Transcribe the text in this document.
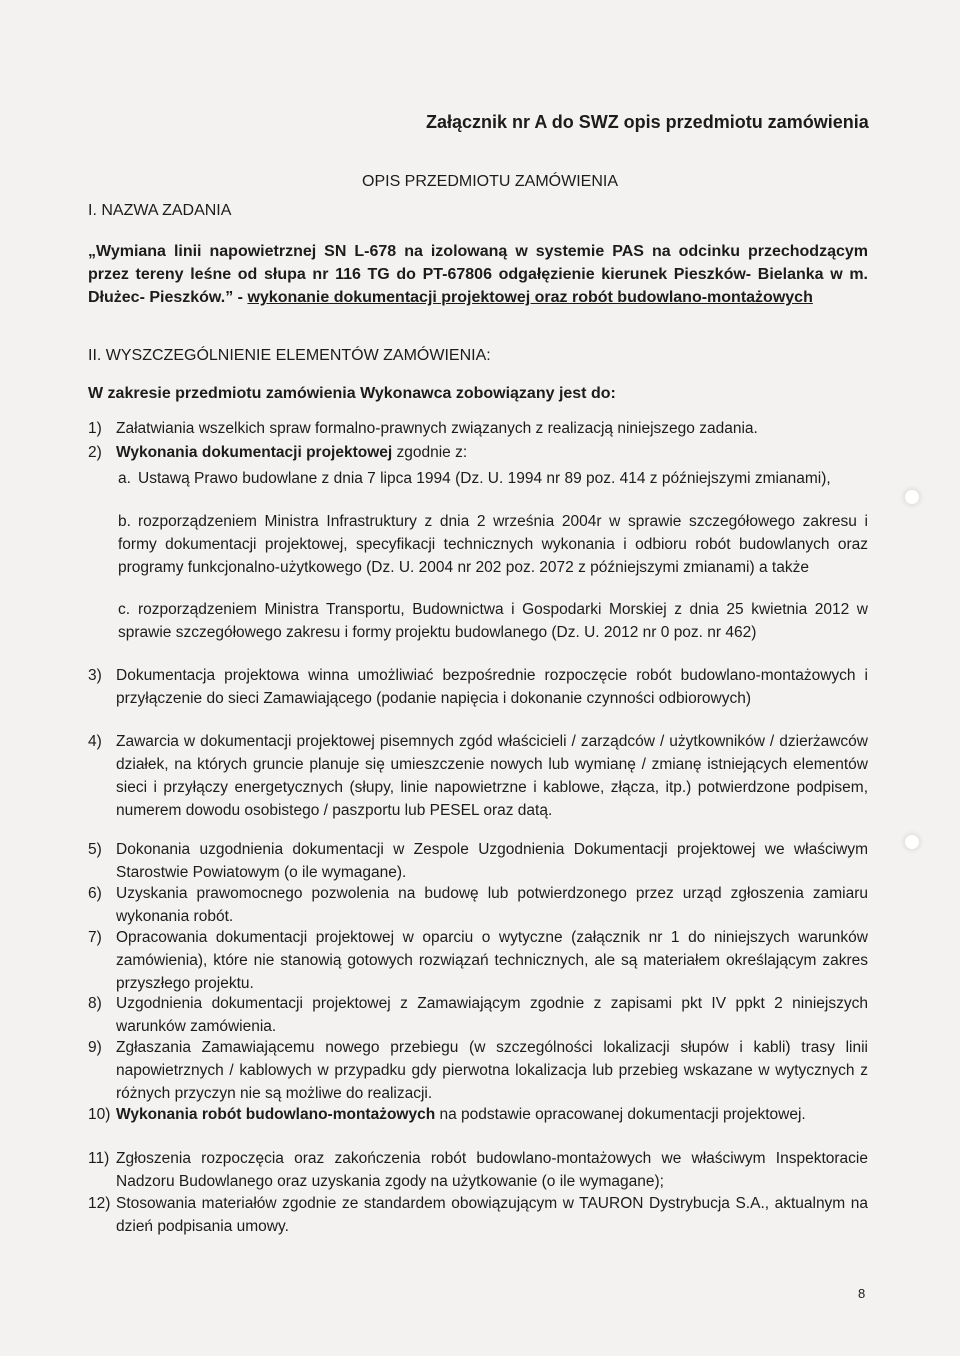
Załącznik nr A do SWZ opis przedmiotu zamówienia
OPIS PRZEDMIOTU ZAMÓWIENIA
I. NAZWA ZADANIA
„Wymiana linii napowietrznej SN L-678 na izolowaną w systemie PAS na odcinku przechodzącym przez tereny leśne od słupa nr 116 TG do PT-67806 odgałęzienie kierunek Pieszków- Bielanka w m. Dłużec- Pieszków.” - wykonanie dokumentacji projektowej oraz robót budowlano-montażowych
II. WYSZCZEGÓLNIENIE ELEMENTÓW ZAMÓWIENIA:
W zakresie przedmiotu zamówienia Wykonawca zobowiązany jest do:
1) Załatwiania wszelkich spraw formalno-prawnych związanych z realizacją niniejszego zadania.
2) Wykonania dokumentacji projektowej zgodnie z:
a. Ustawą Prawo budowlane z dnia 7 lipca 1994 (Dz. U. 1994 nr 89 poz. 414 z późniejszymi zmianami),
b. rozporządzeniem Ministra Infrastruktury z dnia 2 września 2004r w sprawie szczegółowego zakresu i formy dokumentacji projektowej, specyfikacji technicznych wykonania i odbioru robót budowlanych oraz programy funkcjonalno-użytkowego (Dz. U. 2004 nr 202 poz. 2072 z późniejszymi zmianami) a także
c. rozporządzeniem Ministra Transportu, Budownictwa i Gospodarki Morskiej z dnia 25 kwietnia 2012 w sprawie szczegółowego zakresu i formy projektu budowlanego (Dz. U. 2012 nr 0 poz. nr 462)
3) Dokumentacja projektowa winna umożliwiać bezpośrednie rozpoczęcie robót budowlano-montażowych i przyłączenie do sieci Zamawiającego (podanie napięcia i dokonanie czynności odbiorowych)
4) Zawarcia w dokumentacji projektowej pisemnych zgód właścicieli / zarządców / użytkowników / dzierżawców działek, na których gruncie planuje się umieszczenie nowych lub wymianę / zmianę istniejących elementów sieci i przyłączy energetycznych (słupy, linie napowietrzne i kablowe, złącza, itp.) potwierdzone podpisem, numerem dowodu osobistego / paszportu lub PESEL oraz datą.
5) Dokonania uzgodnienia dokumentacji w Zespole Uzgodnienia Dokumentacji projektowej we właściwym Starostwie Powiatowym (o ile wymagane).
6) Uzyskania prawomocnego pozwolenia na budowę lub potwierdzonego przez urząd zgłoszenia zamiaru wykonania robót.
7) Opracowania dokumentacji projektowej w oparciu o wytyczne (załącznik nr 1 do niniejszych warunków zamówienia), które nie stanowią gotowych rozwiązań technicznych, ale są materiałem określającym zakres przyszłego projektu.
8) Uzgodnienia dokumentacji projektowej z Zamawiającym zgodnie z zapisami pkt IV ppkt 2 niniejszych warunków zamówienia.
9) Zgłaszania Zamawiającemu nowego przebiegu (w szczególności lokalizacji słupów i kabli) trasy linii napowietrznych / kablowych w przypadku gdy pierwotna lokalizacja lub przebieg wskazane w wytycznych z różnych przyczyn nie są możliwe do realizacji.
10) Wykonania robót budowlano-montażowych na podstawie opracowanej dokumentacji projektowej.
11) Zgłoszenia rozpoczęcia oraz zakończenia robót budowlano-montażowych we właściwym Inspektoracie Nadzoru Budowlanego oraz uzyskania zgody na użytkowanie (o ile wymagane);
12) Stosowania materiałów zgodnie ze standardem obowiązującym w TAURON Dystrybucja S.A., aktualnym na dzień podpisania umowy.
8
